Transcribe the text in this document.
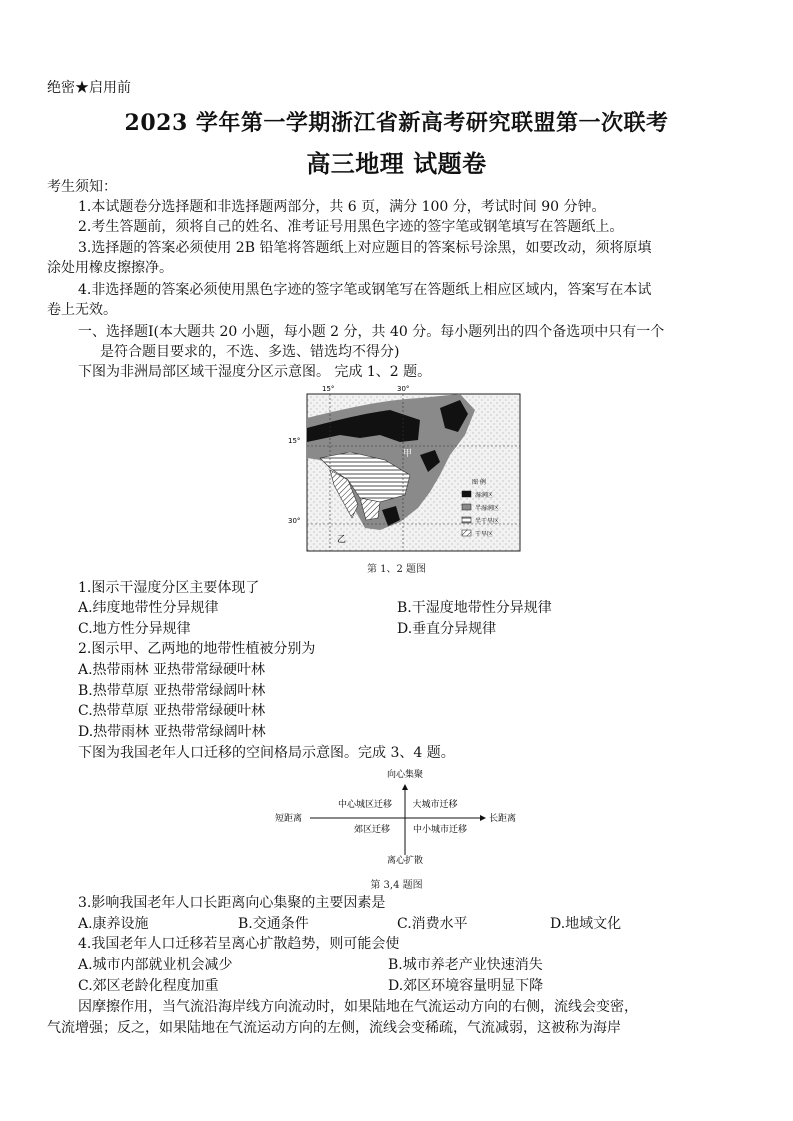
绝密★启用前
2023 学年第一学期浙江省新高考研究联盟第一次联考
高三地理 试题卷
考生须知：
1.本试题卷分选择题和非选择题两部分，共 6 页，满分 100 分，考试时间 90 分钟。
2.考生答题前，须将自己的姓名、准考证号用黑色字迹的签字笔或钢笔填写在答题纸上。
3.选择题的答案必须使用 2B 铅笔将答题纸上对应题目的答案标号涂黑，如要改动，须将原填
涂处用橡皮擦擦净。
4.非选择题的答案必须使用黑色字迹的签字笔或钢笔写在答题纸上相应区域内，答案写在本试
卷上无效。
一、选择题Ⅰ(本大题共 20 小题，每小题 2 分，共 40 分。每小题列出的四个备选项中只有一个
是符合题目要求的，不选、多选、错选均不得分)
下图为非洲局部区域干湿度分区示意图。 完成 1、2 题。
15°	30°
15°
30°
甲
乙
图 例
湿润区
半湿润区
半干旱区
干旱区
第 1、2 题图
1.图示干湿度分区主要体现了
A.纬度地带性分异规律	B.干湿度地带性分异规律
C.地方性分异规律	D.垂直分异规律
2.图示甲、乙两地的地带性植被分别为
A.热带雨林 亚热带常绿硬叶林
B.热带草原 亚热带常绿阔叶林
C.热带草原 亚热带常绿硬叶林
D.热带雨林 亚热带常绿阔叶林
下图为我国老年人口迁移的空间格局示意图。完成 3、4 题。
向心集聚
离心扩散
短距离	长距离
中心城区迁移 大城市迁移
郊区迁移	中小城市迁移
第 3,4 题图
3.影响我国老年人口长距离向心集聚的主要因素是
A.康养设施	B.交通条件	C.消费水平	D.地域文化
4.我国老年人口迁移若呈离心扩散趋势，则可能会使
A.城市内部就业机会减少	B.城市养老产业快速消失
C.郊区老龄化程度加重	D.郊区环境容量明显下降
因摩擦作用，当气流沿海岸线方向流动时，如果陆地在气流运动方向的右侧，流线会变密，
气流增强；反之，如果陆地在气流运动方向的左侧，流线会变稀疏，气流减弱，这被称为海岸
